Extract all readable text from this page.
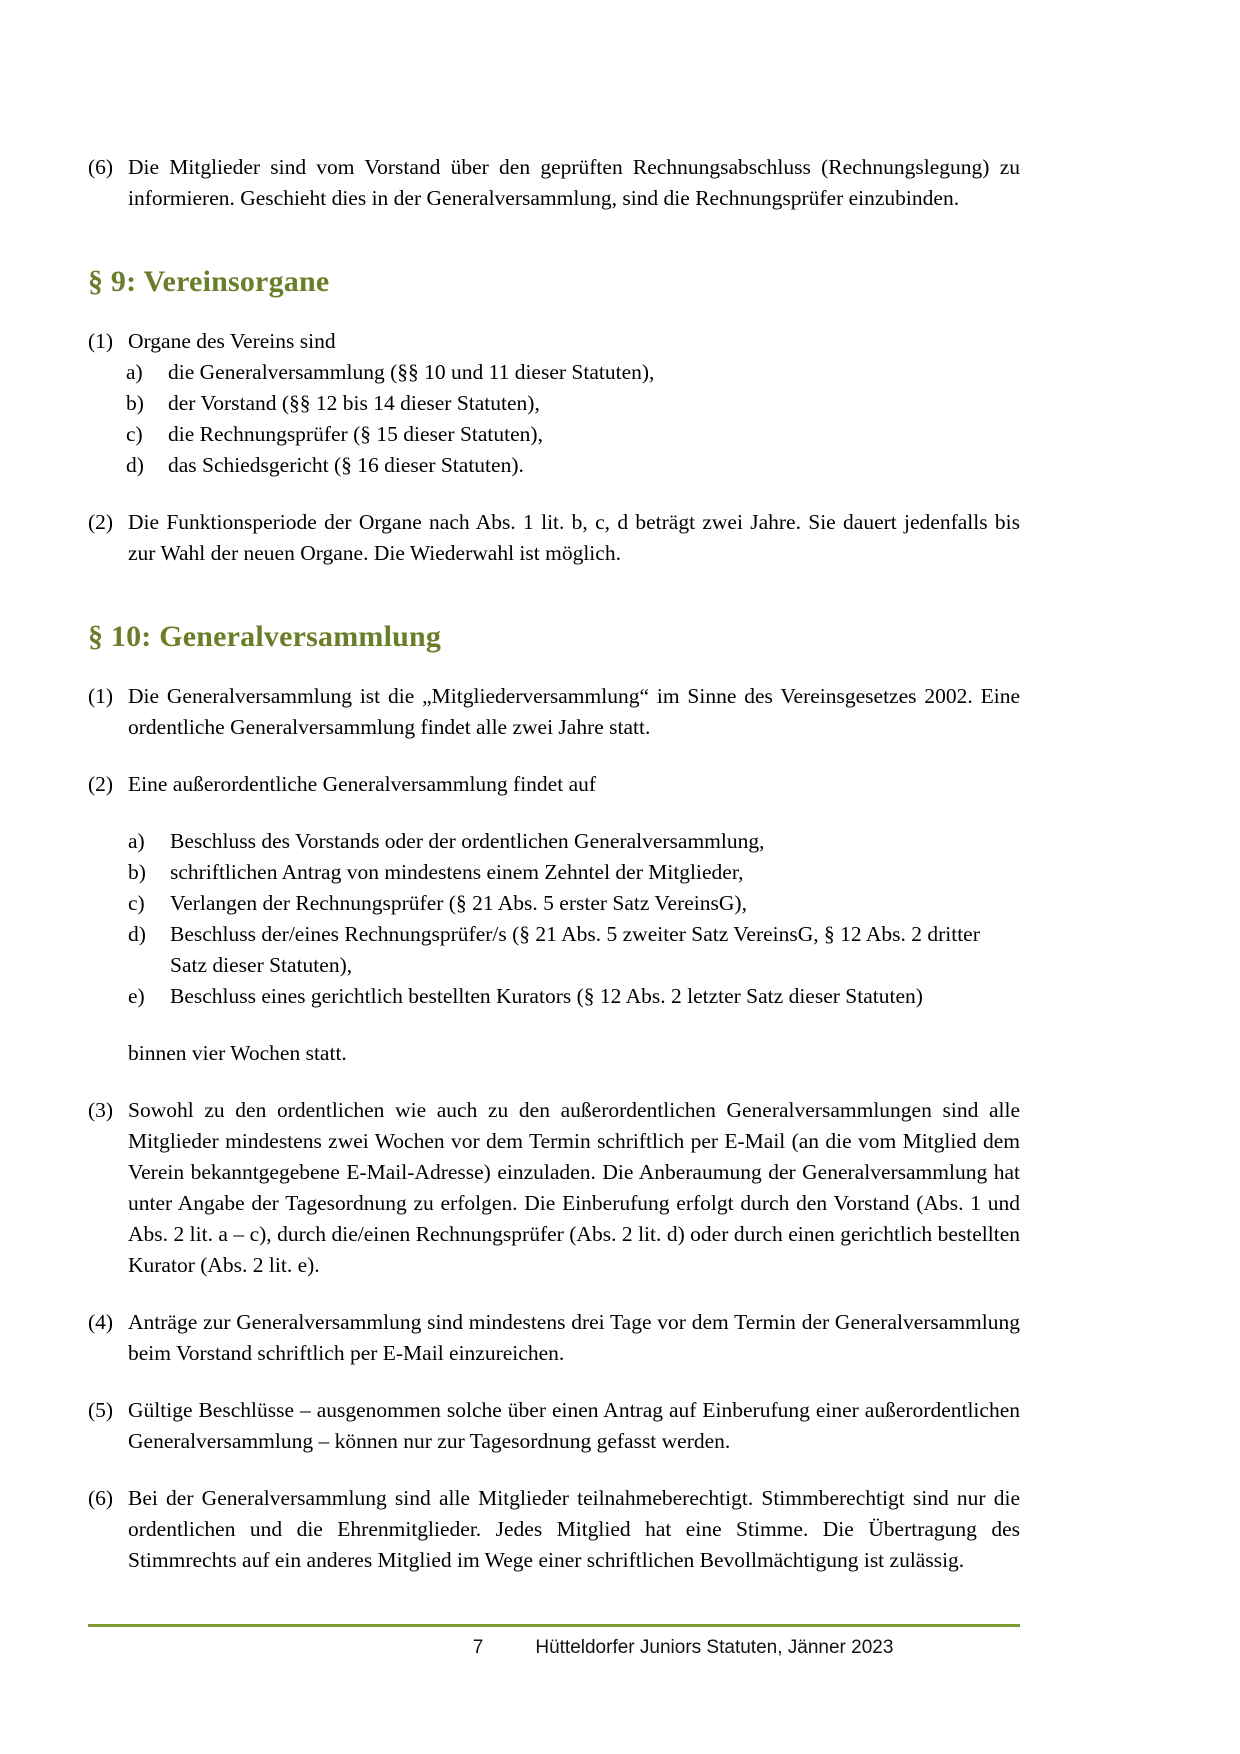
(6) Die Mitglieder sind vom Vorstand über den geprüften Rechnungsabschluss (Rechnungslegung) zu informieren. Geschieht dies in der Generalversammlung, sind die Rechnungsprüfer einzubinden.
§ 9: Vereinsorgane
(1) Organe des Vereins sind
a)	die Generalversammlung (§§ 10 und 11 dieser Statuten),
b)	der Vorstand (§§ 12 bis 14 dieser Statuten),
c)	die Rechnungsprüfer (§ 15 dieser Statuten),
d)	das Schiedsgericht (§ 16 dieser Statuten).
(2) Die Funktionsperiode der Organe nach Abs. 1 lit. b, c, d beträgt zwei Jahre. Sie dauert jedenfalls bis zur Wahl der neuen Organe. Die Wiederwahl ist möglich.
§ 10: Generalversammlung
(1) Die Generalversammlung ist die „Mitgliederversammlung“ im Sinne des Vereinsgesetzes 2002. Eine ordentliche Generalversammlung findet alle zwei Jahre statt.
(2) Eine außerordentliche Generalversammlung findet auf
a)	Beschluss des Vorstands oder der ordentlichen Generalversammlung,
b)	schriftlichen Antrag von mindestens einem Zehntel der Mitglieder,
c)	Verlangen der Rechnungsprüfer (§ 21 Abs. 5 erster Satz VereinsG),
d)	Beschluss der/eines Rechnungsprüfer/s (§ 21 Abs. 5 zweiter Satz VereinsG, § 12 Abs. 2 dritter Satz dieser Statuten),
e)	Beschluss eines gerichtlich bestellten Kurators (§ 12 Abs. 2 letzter Satz dieser Statuten)
binnen vier Wochen statt.
(3) Sowohl zu den ordentlichen wie auch zu den außerordentlichen Generalversammlungen sind alle Mitglieder mindestens zwei Wochen vor dem Termin schriftlich per E-Mail (an die vom Mitglied dem Verein bekanntgegebene E-Mail-Adresse) einzuladen. Die Anberaumung der Generalversammlung hat unter Angabe der Tagesordnung zu erfolgen. Die Einberufung erfolgt durch den Vorstand (Abs. 1 und Abs. 2 lit. a – c), durch die/einen Rechnungsprüfer (Abs. 2 lit. d) oder durch einen gerichtlich bestellten Kurator (Abs. 2 lit. e).
(4) Anträge zur Generalversammlung sind mindestens drei Tage vor dem Termin der Generalversammlung beim Vorstand schriftlich per E-Mail einzureichen.
(5) Gültige Beschlüsse – ausgenommen solche über einen Antrag auf Einberufung einer außerordentlichen Generalversammlung – können nur zur Tagesordnung gefasst werden.
(6) Bei der Generalversammlung sind alle Mitglieder teilnahmeberechtigt. Stimmberechtigt sind nur die ordentlichen und die Ehrenmitglieder. Jedes Mitglied hat eine Stimme. Die Übertragung des Stimmrechts auf ein anderes Mitglied im Wege einer schriftlichen Bevollmächtigung ist zulässig.
7	Hütteldorfer Juniors Statuten, Jänner 2023
